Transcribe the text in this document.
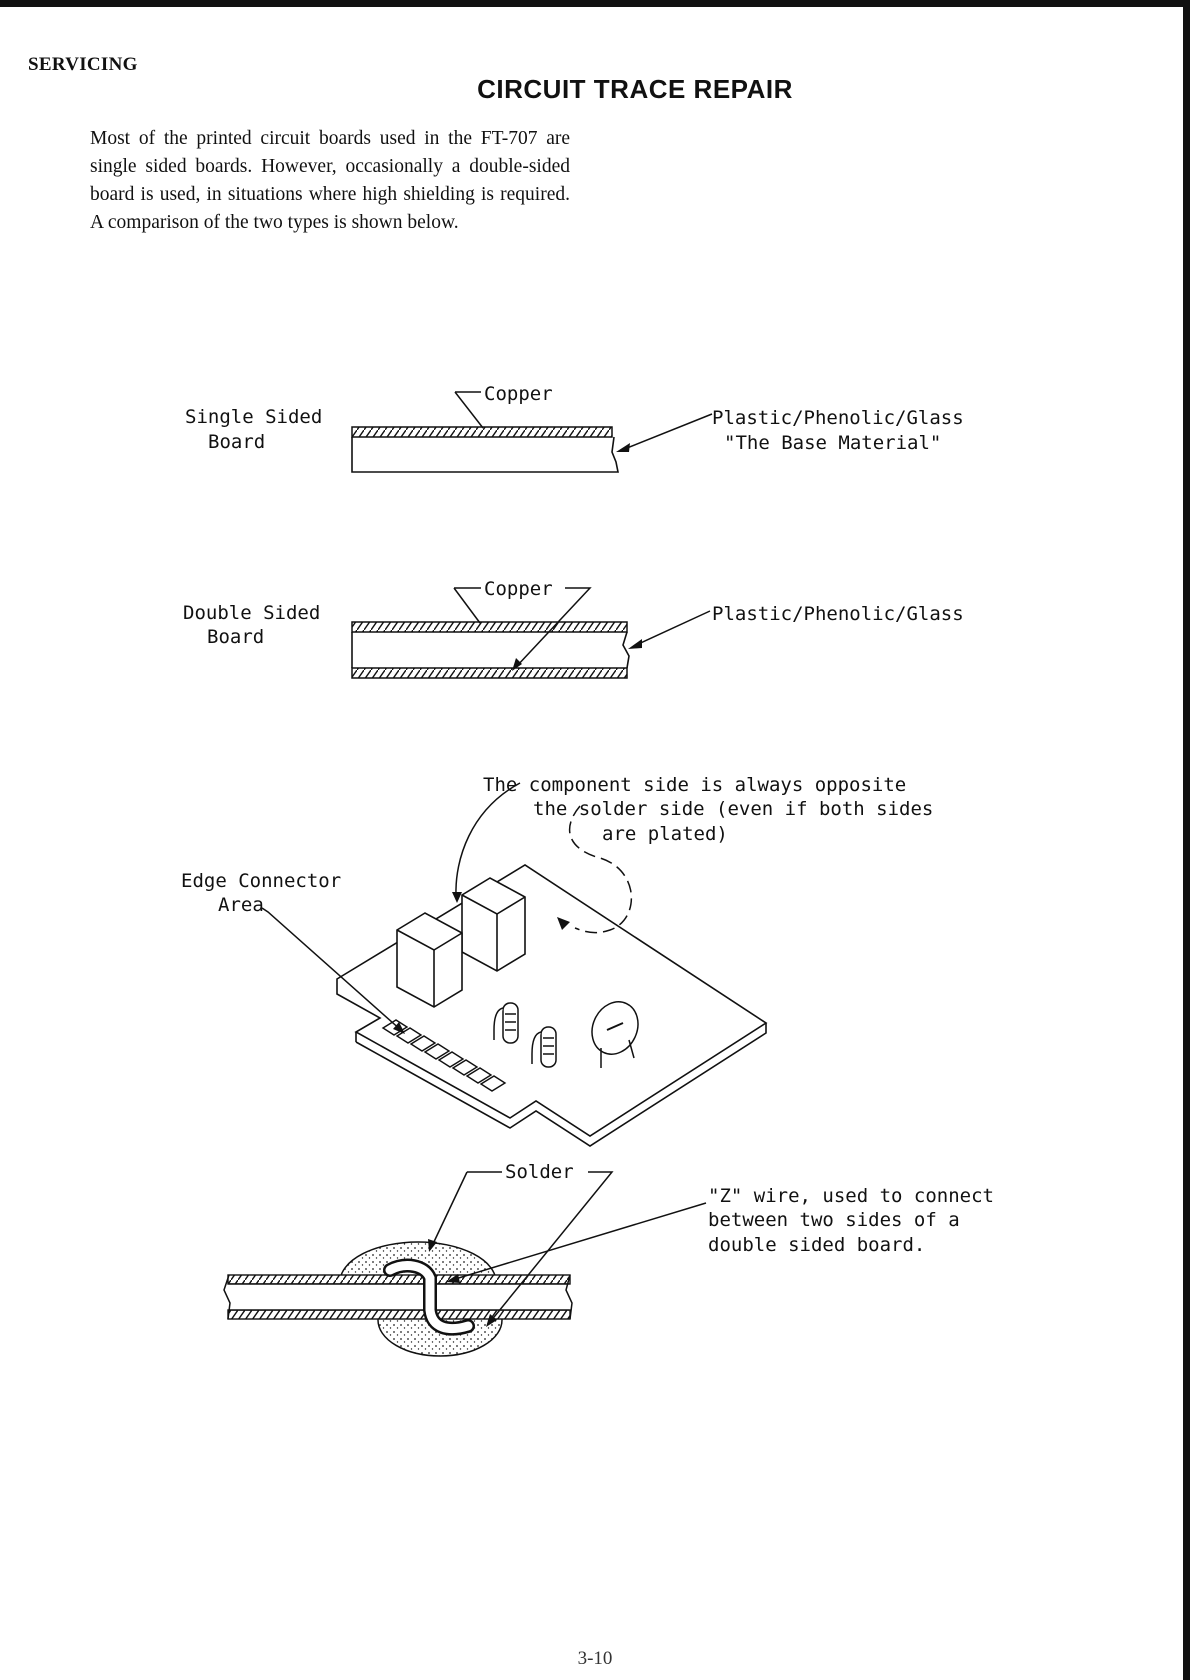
SERVICING
CIRCUIT TRACE REPAIR
Most of the printed circuit boards used in the FT-707 are single sided boards. However, occasionally a double-sided board is used, in situations where high shielding is required. A comparison of the two types is shown below.
Single Sided
Board
Copper
Plastic/Phenolic/Glass
"The Base Material"
Double Sided
Board
Copper
Plastic/Phenolic/Glass
The component side is always opposite
the solder side (even if both sides
are plated)
Edge Connector
Area
Solder
"Z" wire, used to connect
between two sides of a
double sided board.
3-10
